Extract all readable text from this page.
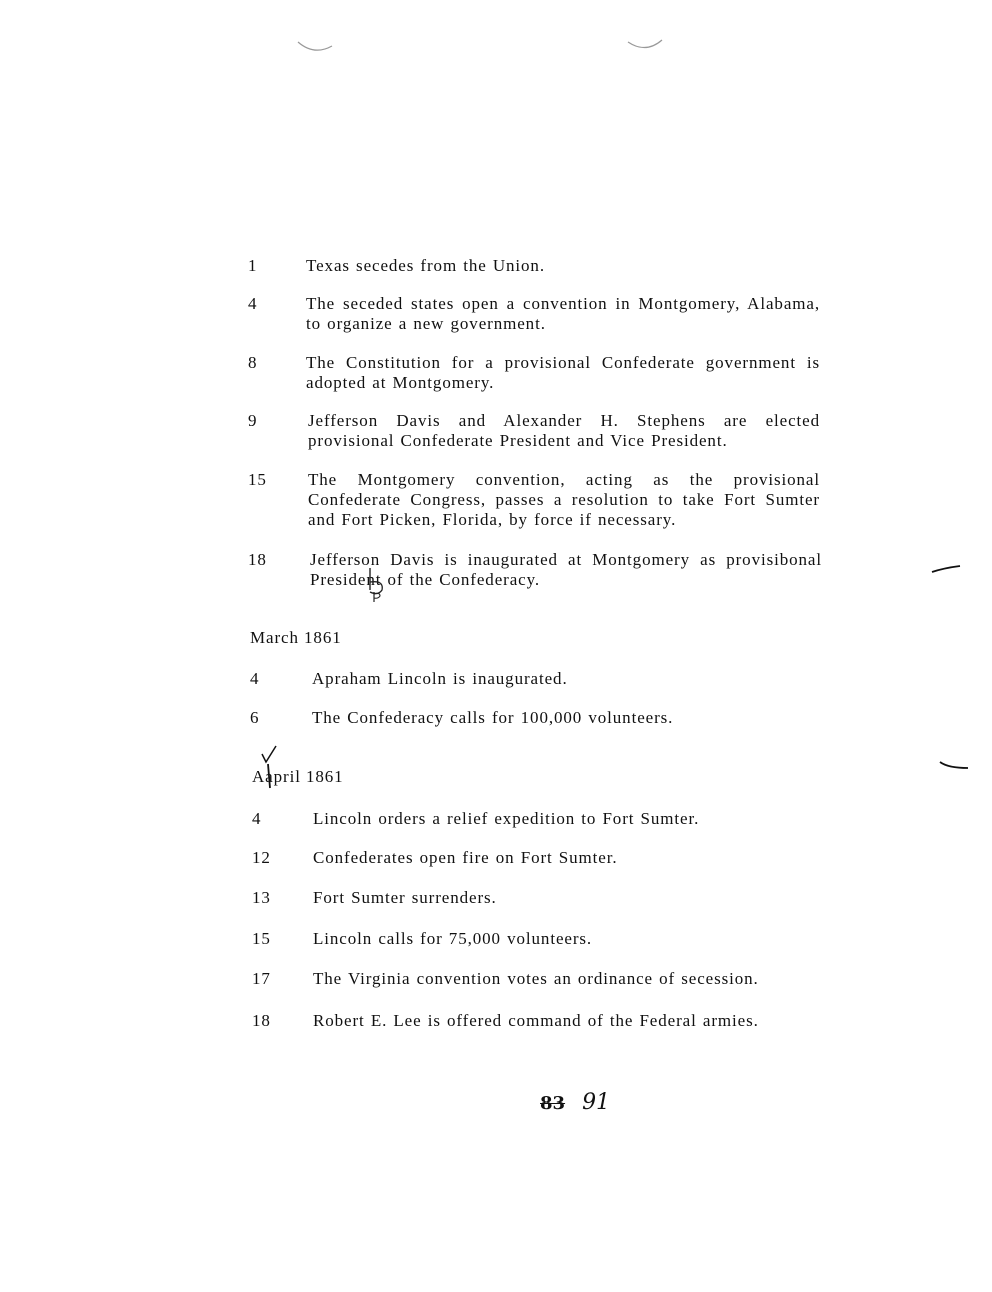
1	Texas secedes from the Union.
4	The seceded states open a convention in Montgomery, Alabama, to organize a new government.
8	The Constitution for a provisional Confederate government is adopted at Montgomery.
9	Jefferson Davis and Alexander H. Stephens are elected provisional Confederate President and Vice President.
15	The Montgomery convention, acting as the provisional Confederate Congress, passes a resolution to take Fort Sumter and Fort Picken, Florida, by force if necessary.
18	Jefferson Davis is inaugurated at Montgomery as provisibonal President of the Confederacy.
March 1861
4	Apraham Lincoln is inaugurated.
6	The Confederacy calls for 100,000 volunteers.
Aapril 1861
4	Lincoln orders a relief expedition to Fort Sumter.
12	Confederates open fire on Fort Sumter.
13	Fort Sumter surrenders.
15	Lincoln calls for 75,000 volunteers.
17	The Virginia convention votes an ordinance of secession.
18	Robert E. Lee is offered command of the Federal armies.
83 91
